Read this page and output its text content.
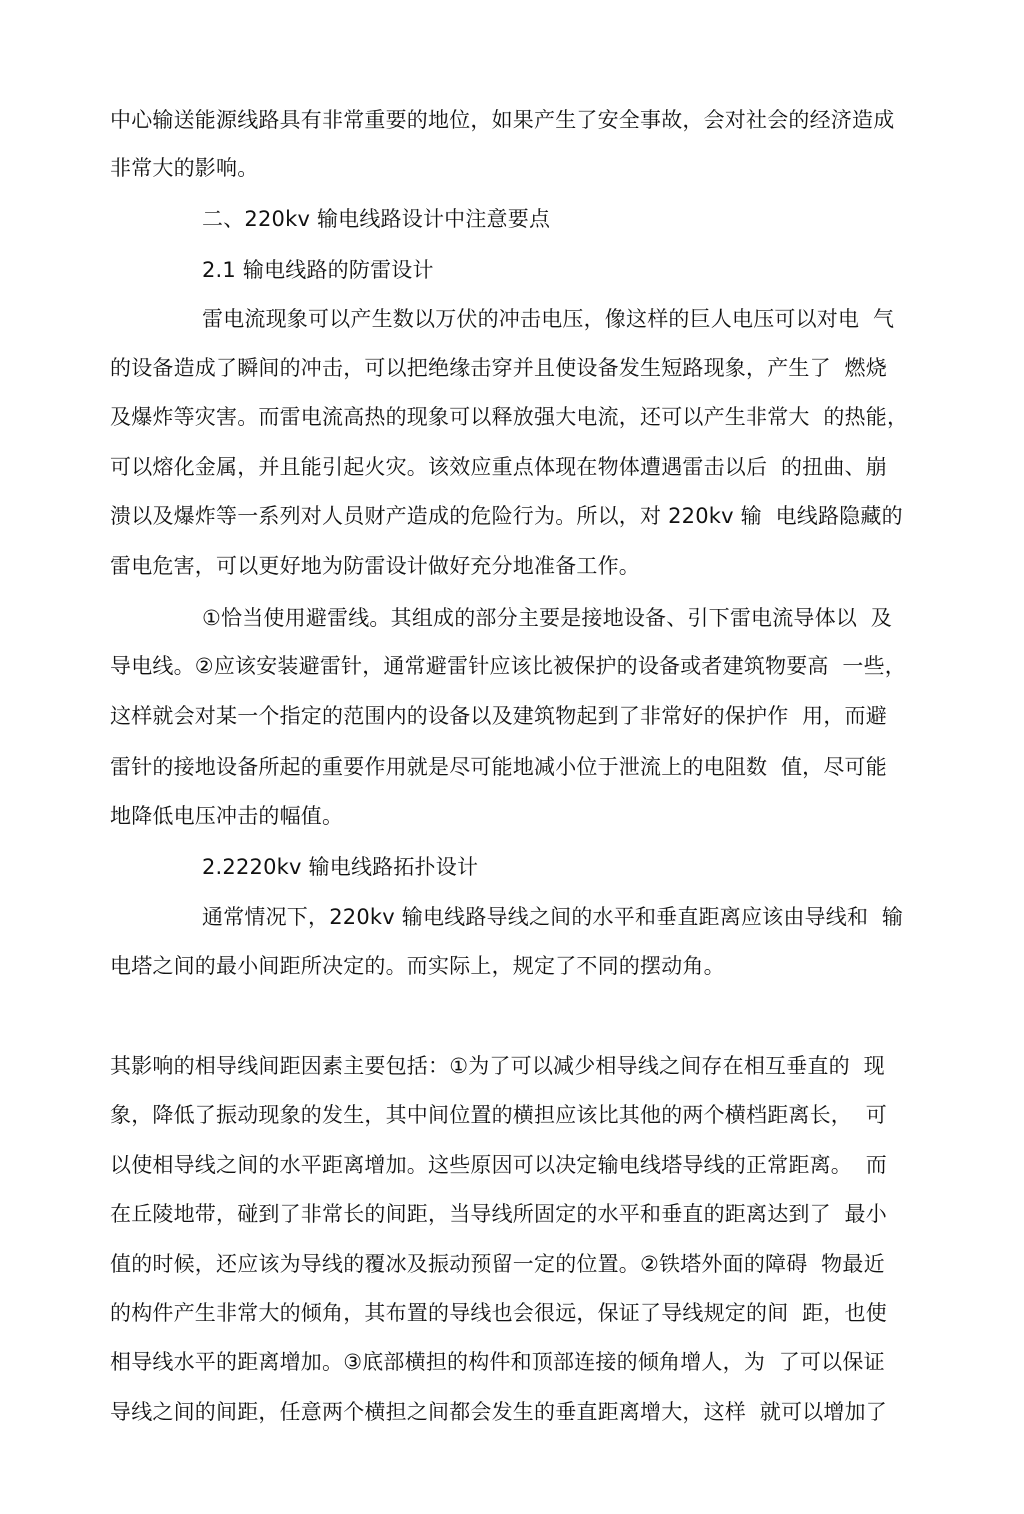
中心输送能源线路具有非常重要的地位，如果产生了安全事故，会对社会的经济造成
非常大的影响。
二、220kv 输电线路设计中注意要点
2.1 输电线路的防雷设计
雷电流现象可以产生数以万伏的冲击电压，像这样的巨人电压可以对电  气
的设备造成了瞬间的冲击，可以把绝缘击穿并且使设备发生短路现象，产生了  燃烧
及爆炸等灾害。而雷电流高热的现象可以释放强大电流，还可以产生非常大  的热能，
可以熔化金属，并且能引起火灾。该效应重点体现在物体遭遇雷击以后  的扭曲、崩
溃以及爆炸等一系列对人员财产造成的危险行为。所以，对 220kv 输  电线路隐藏的
雷电危害，可以更好地为防雷设计做好充分地准备工作。
①恰当使用避雷线。其组成的部分主要是接地设备、引下雷电流导体以  及
导电线。②应该安装避雷针，通常避雷针应该比被保护的设备或者建筑物要高  一些，
这样就会对某一个指定的范围内的设备以及建筑物起到了非常好的保护作  用，而避
雷针的接地设备所起的重要作用就是尽可能地减小位于泄流上的电阻数  值，尽可能
地降低电压冲击的幅值。
2.2220kv 输电线路拓扑设计
通常情况下，220kv 输电线路导线之间的水平和垂直距离应该由导线和  输
电塔之间的最小间距所决定的。而实际上，规定了不同的摆动角。
其影响的相导线间距因素主要包括：①为了可以减少相导线之间存在相互垂直的  现
象，降低了振动现象的发生，其中间位置的横担应该比其他的两个横档距离长，  可
以使相导线之间的水平距离增加。这些原因可以决定输电线塔导线的正常距离。  而
在丘陵地带，碰到了非常长的间距，当导线所固定的水平和垂直的距离达到了  最小
值的时候，还应该为导线的覆冰及振动预留一定的位置。②铁塔外面的障碍  物最近
的构件产生非常大的倾角，其布置的导线也会很远，保证了导线规定的间  距，也使
相导线水平的距离增加。③底部横担的构件和顶部连接的倾角增人，为  了可以保证
导线之间的间距，任意两个横担之间都会发生的垂直距离增大，这样  就可以增加了
